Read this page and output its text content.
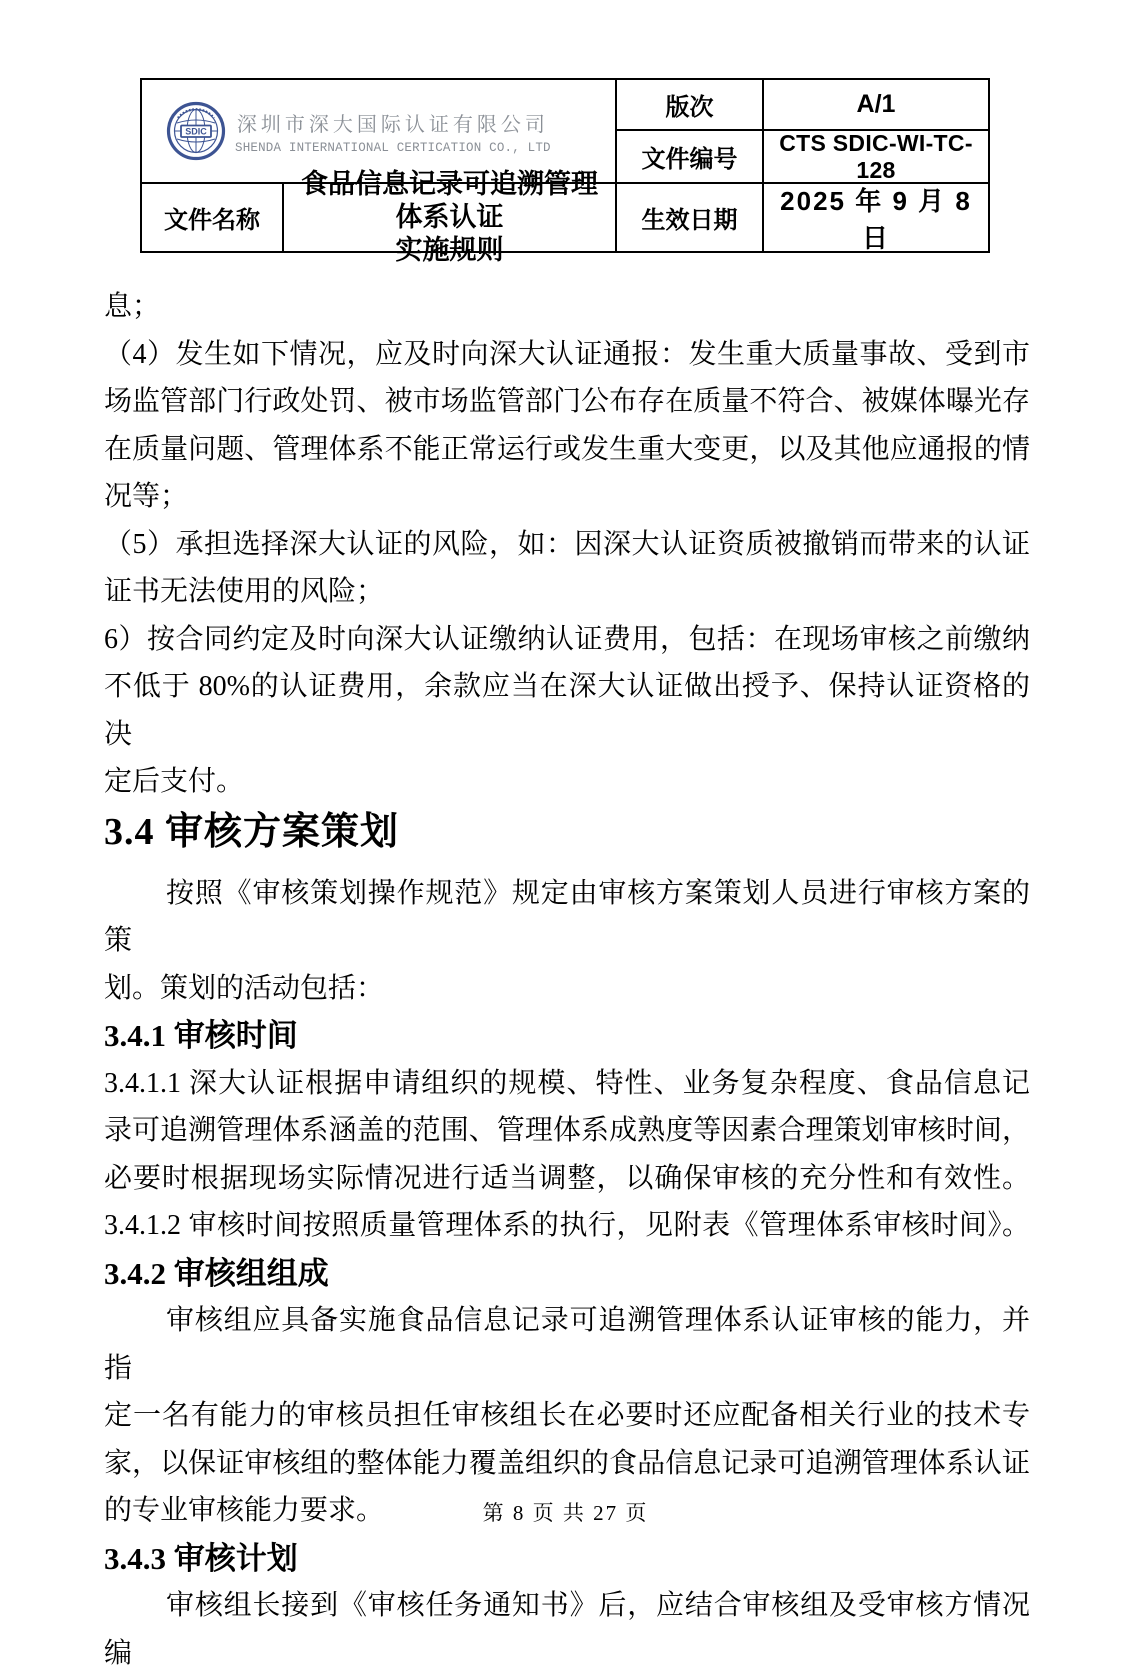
SDIC 深圳市深大国际认证有限公司
SHENDA INTERNATIONAL CERTICATION CO., LTD
版次	A/1
文件编号
CTS SDIC-WI-TC-128
文件名称
食品信息记录可追溯管理体系认证
实施规则
生效日期
2025 年 9 月 8 日
息；
（4）发生如下情况，应及时向深大认证通报：发生重大质量事故、受到市
场监管部门行政处罚、被市场监管部门公布存在质量不符合、被媒体曝光存
在质量问题、管理体系不能正常运行或发生重大变更，以及其他应通报的情
况等；
（5）承担选择深大认证的风险，如：因深大认证资质被撤销而带来的认证
证书无法使用的风险；
6）按合同约定及时向深大认证缴纳认证费用，包括：在现场审核之前缴纳
不低于 80%的认证费用，余款应当在深大认证做出授予、保持认证资格的决
定后支付。
3.4 审核方案策划
按照《审核策划操作规范》规定由审核方案策划人员进行审核方案的策
划。策划的活动包括：
3.4.1 审核时间
3.4.1.1 深大认证根据申请组织的规模、特性、业务复杂程度、食品信息记
录可追溯管理体系涵盖的范围、管理体系成熟度等因素合理策划审核时间，
必要时根据现场实际情况进行适当调整，以确保审核的充分性和有效性。
3.4.1.2 审核时间按照质量管理体系的执行，见附表《管理体系审核时间》。
3.4.2 审核组组成
审核组应具备实施食品信息记录可追溯管理体系认证审核的能力，并指
定一名有能力的审核员担任审核组长在必要时还应配备相关行业的技术专
家，以保证审核组的整体能力覆盖组织的食品信息记录可追溯管理体系认证
的专业审核能力要求。
3.4.3 审核计划
审核组长接到《审核任务通知书》后，应结合审核组及受审核方情况编
第 8 页 共 27 页
